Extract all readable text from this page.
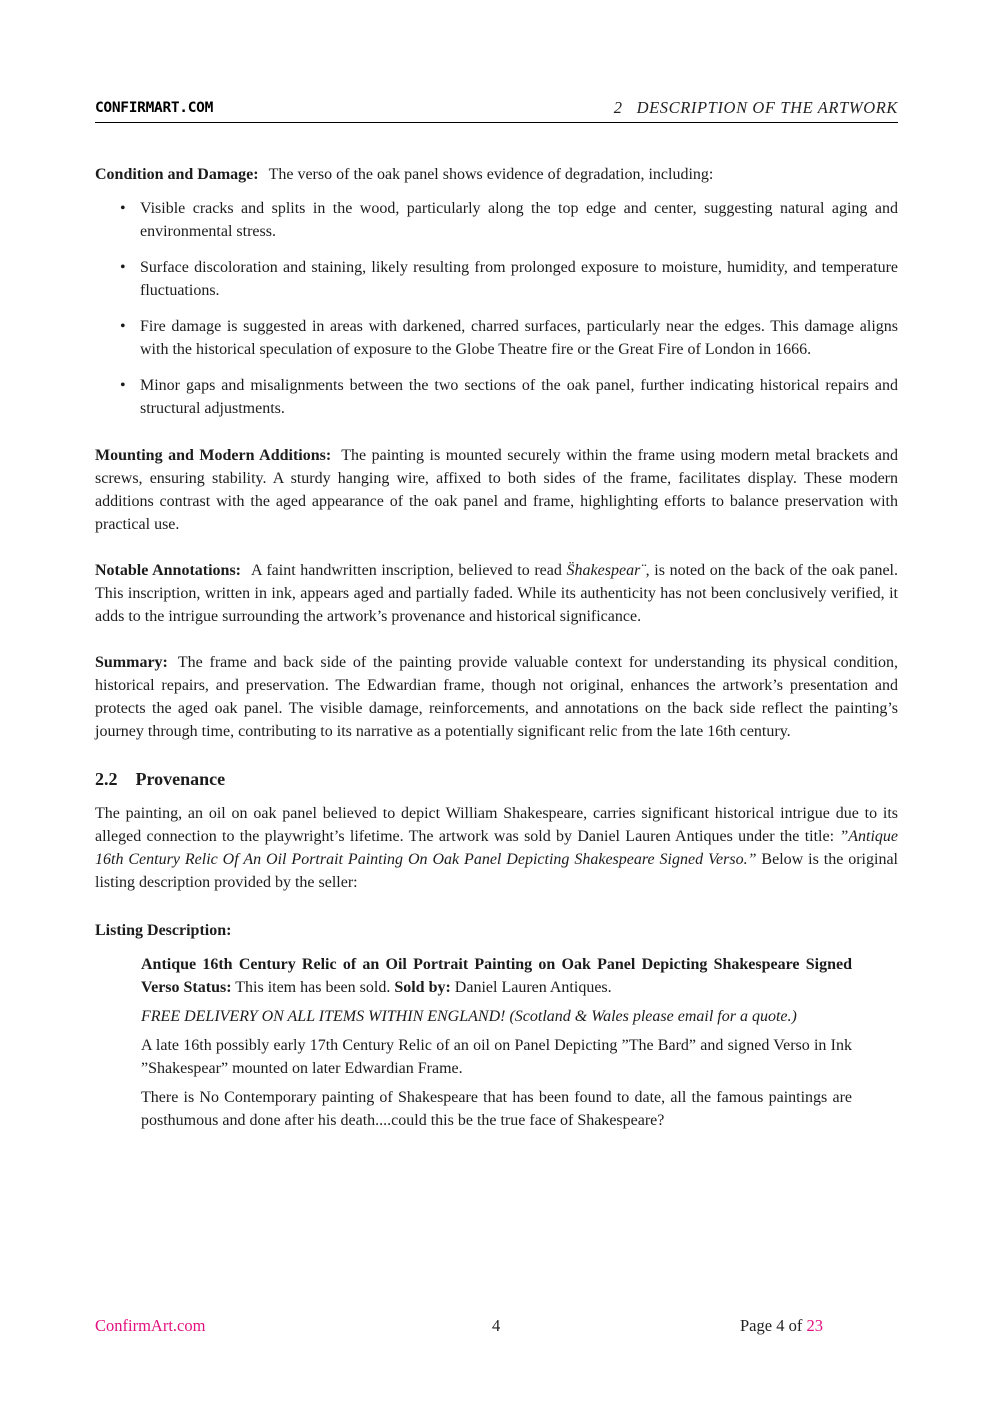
CONFIRMART.COM	2 DESCRIPTION OF THE ARTWORK

Condition and Damage: The verso of the oak panel shows evidence of degradation, including:

• Visible cracks and splits in the wood, particularly along the top edge and center, suggesting natural aging and environmental stress.
• Surface discoloration and staining, likely resulting from prolonged exposure to moisture, humidity, and temperature fluctuations.
• Fire damage is suggested in areas with darkened, charred surfaces, particularly near the edges. This damage aligns with the historical speculation of exposure to the Globe Theatre fire or the Great Fire of London in 1666.
• Minor gaps and misalignments between the two sections of the oak panel, further indicating historical repairs and structural adjustments.

Mounting and Modern Additions: The painting is mounted securely within the frame using modern metal brackets and screws, ensuring stability. A sturdy hanging wire, affixed to both sides of the frame, facilitates display. These modern additions contrast with the aged appearance of the oak panel and frame, highlighting efforts to balance preservation with practical use.

Notable Annotations: A faint handwritten inscription, believed to read S̈hakespear¨, is noted on the back of the oak panel. This inscription, written in ink, appears aged and partially faded. While its authenticity has not been conclusively verified, it adds to the intrigue surrounding the artwork’s provenance and historical significance.

Summary: The frame and back side of the painting provide valuable context for understanding its physical condition, historical repairs, and preservation. The Edwardian frame, though not original, enhances the artwork’s presentation and protects the aged oak panel. The visible damage, reinforcements, and annotations on the back side reflect the painting’s journey through time, contributing to its narrative as a potentially significant relic from the late 16th century.

2.2 Provenance

The painting, an oil on oak panel believed to depict William Shakespeare, carries significant historical intrigue due to its alleged connection to the playwright’s lifetime. The artwork was sold by Daniel Lauren Antiques under the title: ”Antique 16th Century Relic Of An Oil Portrait Painting On Oak Panel Depicting Shakespeare Signed Verso.” Below is the original listing description provided by the seller:

Listing Description:

Antique 16th Century Relic of an Oil Portrait Painting on Oak Panel Depicting Shakespeare Signed Verso Status: This item has been sold. Sold by: Daniel Lauren Antiques.

FREE DELIVERY ON ALL ITEMS WITHIN ENGLAND! (Scotland & Wales please email for a quote.)

A late 16th possibly early 17th Century Relic of an oil on Panel Depicting ”The Bard” and signed Verso in Ink ”Shakespear” mounted on later Edwardian Frame.

There is No Contemporary painting of Shakespeare that has been found to date, all the famous paintings are posthumous and done after his death....could this be the true face of Shakespeare?

ConfirmArt.com	4	Page 4 of 23
